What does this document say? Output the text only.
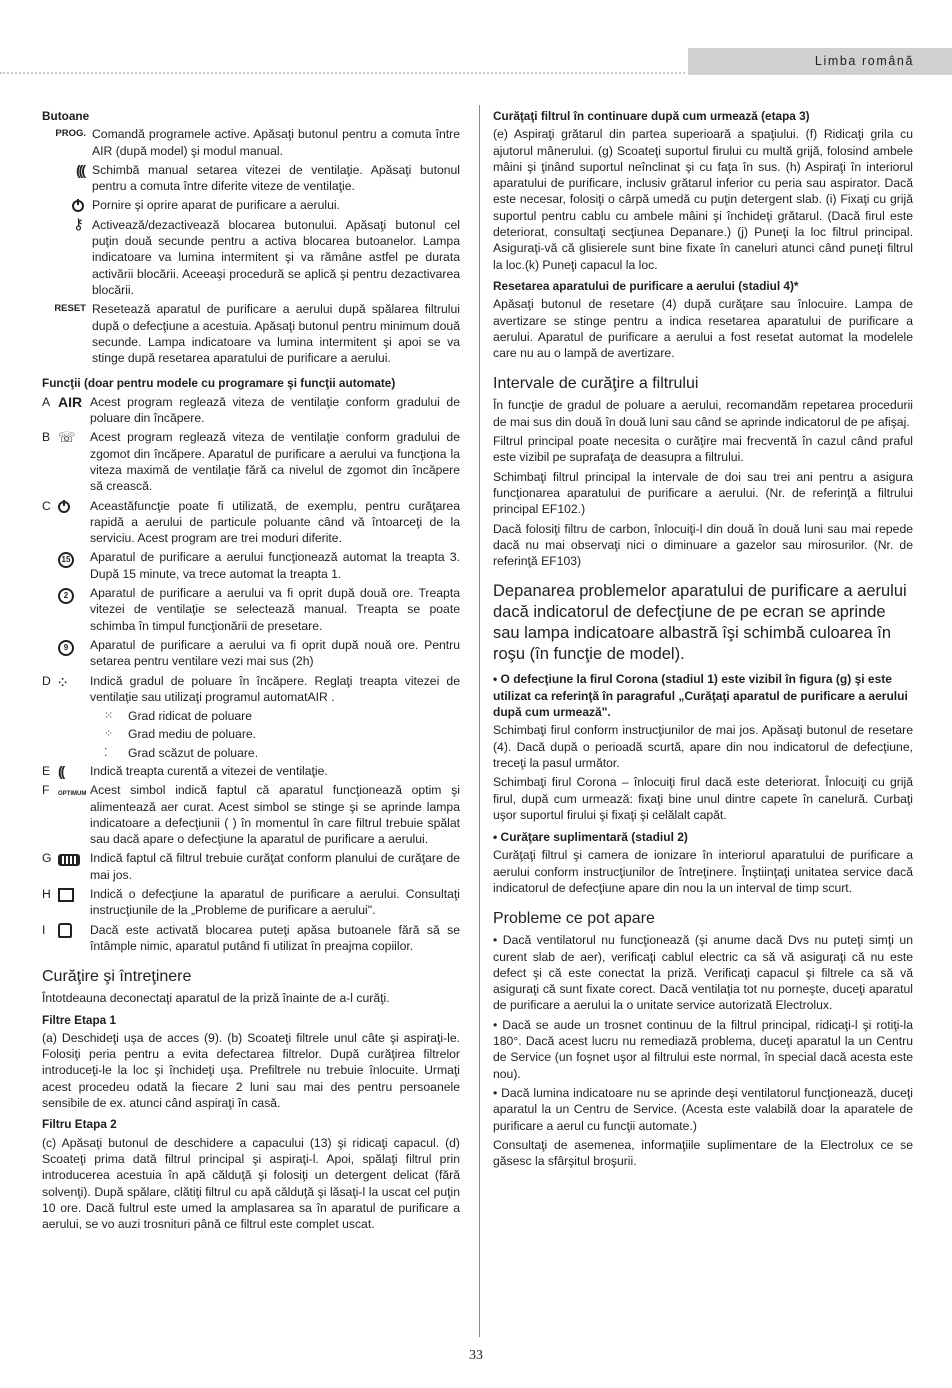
Limba română
Butoane
PROG. Comandă programele active. Apăsaţi butonul pentru a comuta între AIR (după model) şi modul manual.
((( Schimbă manual setarea vitezei de ventilaţie. Apăsaţi butonul pentru a comuta între diferite viteze de ventilaţie.
Pornire şi oprire aparat de purificare a aerului.
⚷ Activează/dezactivează blocarea butonului. Apăsaţi butonul cel puţin două secunde pentru a activa blocarea butoanelor. Lampa indicatoare va lumina intermitent şi va rămâne astfel pe durata activării blocării. Aceeaşi procedură se aplică şi pentru dezactivarea blocării.
RESET Resetează aparatul de purificare a aerului după spălarea filtrului după o defecţiune a acestuia. Apăsaţi butonul pentru minimum două secunde. Lampa indicatoare va lumina intermitent şi apoi se va stinge după resetarea aparatului de purificare a aerului.
Funcţii (doar pentru modele cu programare şi funcţii automate)
A AIR Acest program reglează viteza de ventilaţie conform gradului de poluare din încăpere.
B ☏	Acest program reglează viteza de ventilaţie conform gradului de zgomot din încăpere. Aparatul de purificare a aerului va funcţiona la viteza maximă de ventilaţie fără ca nivelul de zgomot din încăpere să crească.
C	Aceastăfuncţie poate fi utilizată, de exemplu, pentru curăţarea rapidă a aerului de particule poluante când vă întoarceţi de la serviciu. Acest program are trei moduri diferite.
15	Aparatul de purificare a aerului funcţionează automat la treapta 3. După 15 minute, va trece automat la treapta 1.
2	Aparatul de purificare a aerului va fi oprit după două ore. Treapta vitezei de ventilaţie se selectează manual. Treapta se poate schimba în timpul funcţionării de presetare.
9	Aparatul de purificare a aerului va fi oprit după nouă ore. Pentru setarea pentru ventilare vezi mai sus (2h)
D ⁘	Indică gradul de poluare în încăpere. Reglaţi treapta vitezei de ventilaţie sau utilizaţi programul automatAIR .
⁙	Grad ridicat de poluare
⁘	Grad mediu de poluare.
⁚	Grad scăzut de poluare.
E ((	Indică treapta curentă a vitezei de ventilaţie.
F	OPTIMUM Acest simbol indică faptul că aparatul funcţionează optim şi alimentează aer curat. Acest simbol se stinge şi se aprinde lampa indicatoare a defecţiunii ( ) în momentul în care filtrul trebuie spălat sau dacă apare o defecţiune la aparatul de purificare a aerului.
G	Indică faptul că filtrul trebuie curăţat conform planului de curăţare de mai jos.
H	Indică o defecţiune la aparatul de purificare a aerului. Consultaţi instrucţiunile de la „Probleme de purificare a aerului".
I	Dacă este activată blocarea puteţi apăsa butoanele fără să se întâmple nimic, aparatul putând fi utilizat în preajma copiilor.
Curăţire şi întreţinere
Întotdeauna deconectaţi aparatul de la priză înainte de a-l curăţi.
Filtre Etapa 1
(a) Deschideţi uşa de acces (9). (b) Scoateţi filtrele unul câte şi aspiraţi-le. Folosiţi peria pentru a evita defectarea filtrelor. După curăţirea filtrelor introduceţi-le la loc şi închideţi uşa. Prefiltrele nu trebuie înlocuite. Urmaţi acest procedeu odată la fiecare 2 luni sau mai des pentru persoanele sensibile de ex. atunci când aspiraţi în casă.
Filtru Etapa 2
(c) Apăsaţi butonul de deschidere a capacului (13) şi ridicaţi capacul. (d) Scoateţi prima dată filtrul principal şi aspiraţi-l. Apoi, spălaţi filtrul prin introducerea acestuia în apă călduţă şi folosiţi un detergent delicat (fără solvenţi). După spălare, clătiţi filtrul cu apă călduţă şi lăsaţi-l la uscat cel puţin 10 ore. Dacă fultrul este umed la amplasarea sa în aparatul de purificare a aerului, se vo auzi trosnituri până ce filtrul este complet uscat.
Curăţaţi filtrul în continuare după cum urmează (etapa 3)
(e) Aspiraţi grătarul din partea superioară a spaţiului. (f) Ridicaţi grila cu ajutorul mânerului. (g) Scoateţi suportul firului cu multă grijă, folosind ambele mâini şi ţinând suportul neînclinat şi cu faţa în sus. (h) Aspiraţi în interiorul aparatului de purificare, inclusiv grătarul inferior cu peria sau aspirator. Dacă este necesar, folosiţi o cârpă umedă cu puţin detergent slab. (i) Fixaţi cu grijă suportul pentru cablu cu ambele mâini şi închideţi grătarul. (Dacă firul este deteriorat, consultaţi secţiunea Depanare.) (j) Puneţi la loc filtrul principal. Asiguraţi-vă că glisierele sunt bine fixate în caneluri atunci când puneţi filtrul la loc.(k) Puneţi capacul la loc.
Resetarea aparatului de purificare a aerului (stadiul 4)*
Apăsaţi butonul de resetare (4) după curăţare sau înlocuire. Lampa de avertizare se stinge pentru a indica resetarea aparatului de purificare a aerului. Aparatul de purificare a aerului a fost resetat automat la modelele care nu au o lampă de avertizare.
Intervale de curăţire a filtrului
În funcţie de gradul de poluare a aerului, recomandăm repetarea procedurii de mai sus din două în două luni sau când se aprinde indicatorul de pe afişaj.
Filtrul principal poate necesita o curăţire mai frecventă în cazul când praful este vizibil pe suprafaţa de deasupra a filtrului.
Schimbaţi filtrul principal la intervale de doi sau trei ani pentru a asigura funcţionarea aparatului de purificare a aerului. (Nr. de referinţă a filtrului principal EF102.)
Dacă folosiţi filtru de carbon, înlocuiţi-l din două în două luni sau mai repede dacă nu mai observaţi nici o diminuare a gazelor sau mirosurilor. (Nr. de referinţă EF103)
Depanarea problemelor aparatului de purificare a aerului dacă indicatorul de defecţiune de pe ecran se aprinde sau lampa indicatoare albastră îşi schimbă culoarea în roşu (în funcţie de model).
• O defecţiune la firul Corona (stadiul 1) este vizibil în figura (g) şi este utilizat ca referinţă în paragraful „Curăţaţi aparatul de purificare a aerului după cum urmează".
Schimbaţi firul conform instrucţiunilor de mai jos. Apăsaţi butonul de resetare (4). Dacă după o perioadă scurtă, apare din nou indicatorul de defecţiune, treceţi la pasul următor.
Schimbaţi firul Corona – înlocuiţi firul dacă este deteriorat. Înlocuiţi cu grijă firul, după cum urmează: fixaţi bine unul dintre capete în canelură. Curbaţi uşor suportul firului şi fixaţi şi celălalt capăt.
• Curăţare suplimentară (stadiul 2)
Curăţaţi filtrul şi camera de ionizare în interiorul aparatului de purificare a aerului conform instrucţiunilor de întreţinere. Înştiinţaţi unitatea service dacă indicatorul de defecţiune apare din nou la un interval de timp scurt.
Probleme ce pot apare
• Dacă ventilatorul nu funcţionează (şi anume dacă Dvs nu puteţi simţi un curent slab de aer), verificaţi cablul electric ca să vă asiguraţi că nu este defect şi că este conectat la priză. Verificaţi capacul şi filtrele ca să vă asiguraţi că sunt fixate corect. Dacă ventilaţia tot nu porneşte, duceţi aparatul de purificare a aerului la o unitate service autorizată Electrolux.
• Dacă se aude un trosnet continuu de la filtrul principal, ridicaţi-l şi rotiţi-la 180°. Dacă acest lucru nu remediază problema, duceţi aparatul la un Centru de Service (un foşnet uşor al filtrului este normal, în special dacă acesta este nou).
• Dacă lumina indicatoare nu se aprinde deşi ventilatorul funcţionează, duceţi aparatul la un Centru de Service. (Acesta este valabilă doar la aparatele de purificare a aerul cu funcţii automate.)
Consultaţi de asemenea, informaţiile suplimentare de la Electrolux ce se găsesc la sfârşitul broşurii.
33
